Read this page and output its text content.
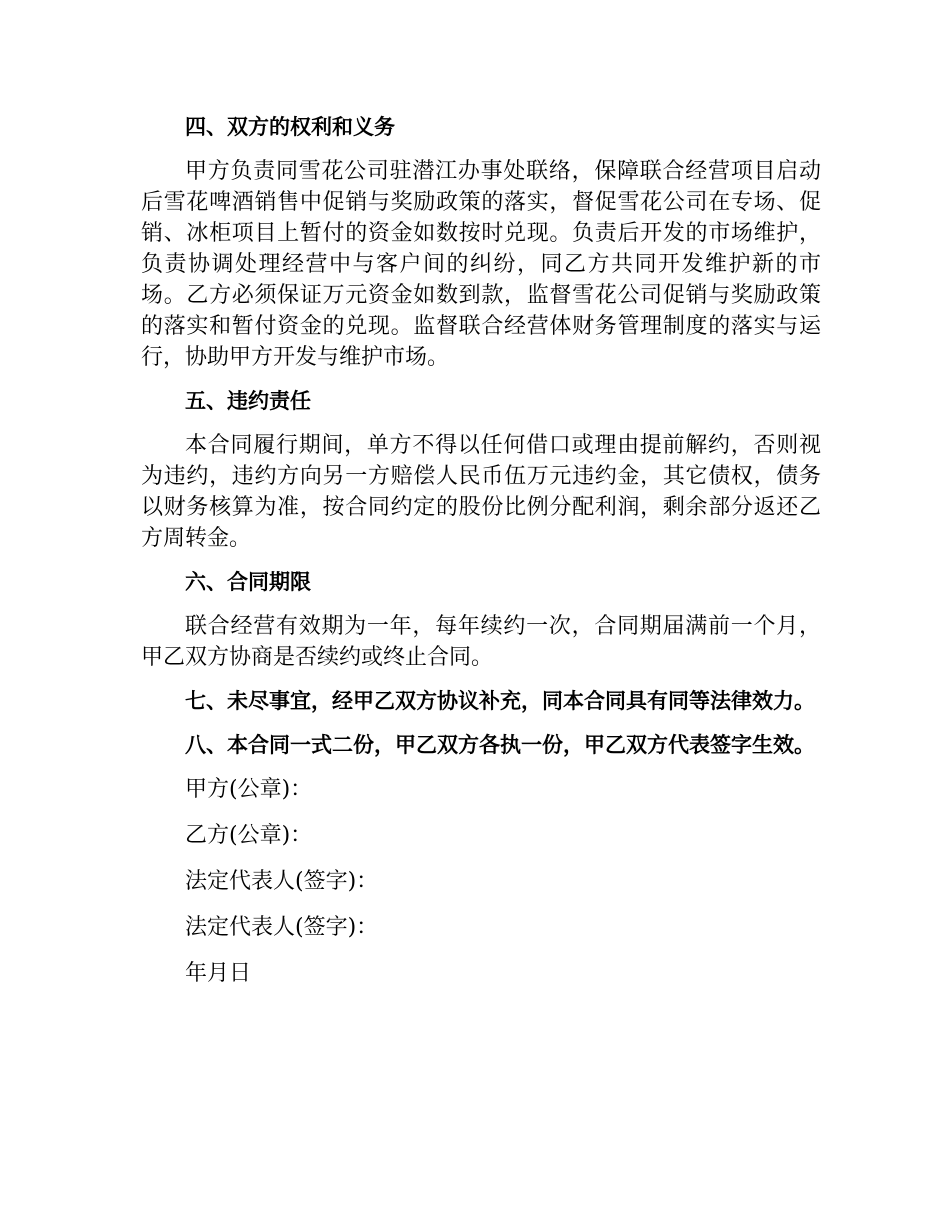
四、双方的权利和义务

甲方负责同雪花公司驻潜江办事处联络，保障联合经营项目启动后雪花啤酒销售中促销与奖励政策的落实，督促雪花公司在专场、促销、冰柜项目上暂付的资金如数按时兑现。负责后开发的市场维护，负责协调处理经营中与客户间的纠纷，同乙方共同开发维护新的市场。乙方必须保证万元资金如数到款，监督雪花公司促销与奖励政策的落实和暂付资金的兑现。监督联合经营体财务管理制度的落实与运行，协助甲方开发与维护市场。

五、违约责任

本合同履行期间，单方不得以任何借口或理由提前解约，否则视为违约，违约方向另一方赔偿人民币伍万元违约金，其它债权，债务以财务核算为准，按合同约定的股份比例分配利润，剩余部分返还乙方周转金。

六、合同期限

联合经营有效期为一年，每年续约一次，合同期届满前一个月，甲乙双方协商是否续约或终止合同。

七、未尽事宜，经甲乙双方协议补充，同本合同具有同等法律效力。

八、本合同一式二份，甲乙双方各执一份，甲乙双方代表签字生效。

甲方(公章)：

乙方(公章)：

法定代表人(签字)：

法定代表人(签字)：

年月日
